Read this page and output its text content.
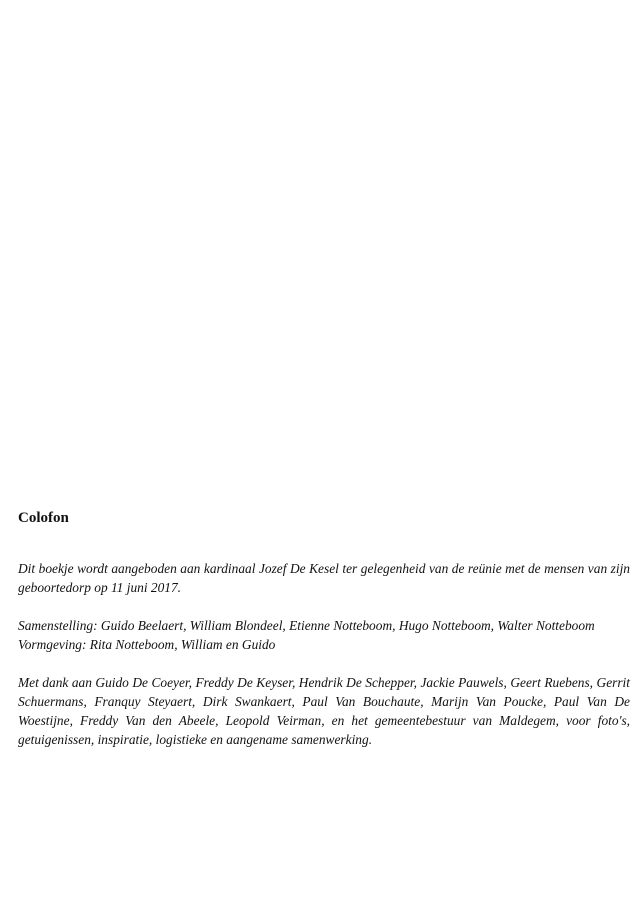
Colofon

Dit boekje wordt aangeboden aan kardinaal Jozef De Kesel ter gelegenheid van de reünie met de mensen van zijn geboortedorp op 11 juni 2017.

Samenstelling: Guido Beelaert, William Blondeel, Etienne Notteboom, Hugo Notteboom, Walter Notteboom
Vormgeving: Rita Notteboom, William en Guido

Met dank aan Guido De Coeyer, Freddy De Keyser, Hendrik De Schepper, Jackie Pauwels, Geert Ruebens, Gerrit Schuermans, Franquy Steyaert, Dirk Swankaert, Paul Van Bouchaute, Marijn Van Poucke, Paul Van De Woestijne, Freddy Van den Abeele, Leopold Veirman, en het gemeentebestuur van Maldegem, voor foto's, getuigenissen, inspiratie, logistieke en aangename samenwerking.
